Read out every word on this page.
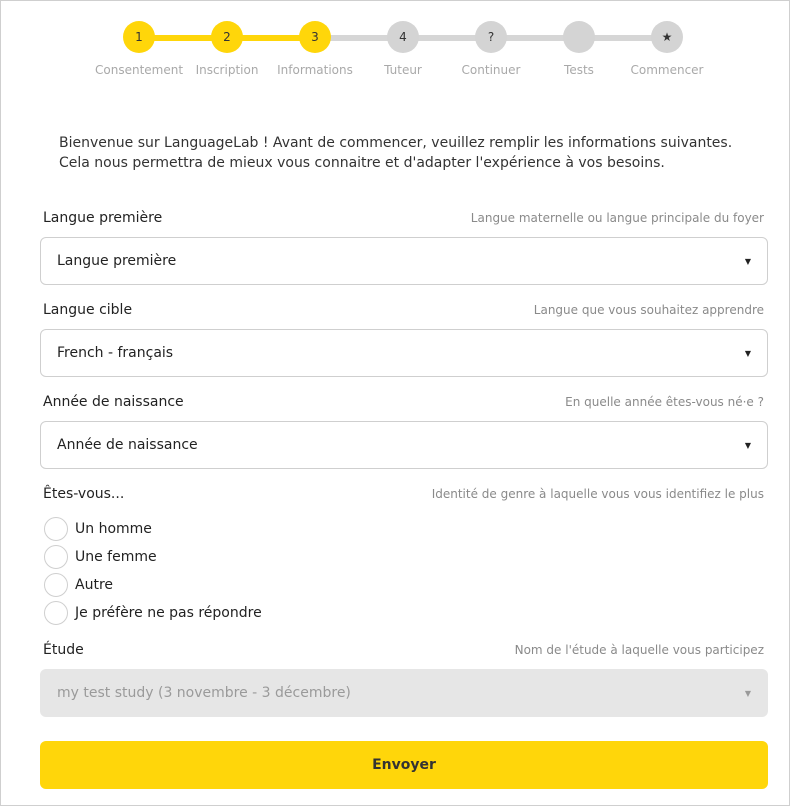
1
Consentement
2
Inscription
3
Informations
4
Tuteur
?
Continuer	Tests
★
Commencer
Bienvenue sur LanguageLab ! Avant de commencer, veuillez remplir les informations suivantes.
Cela nous permettra de mieux vous connaitre et d'adapter l'expérience à vos besoins.
Langue première	Langue maternelle ou langue principale du foyer
Langue première	▼
Langue cible	Langue que vous souhaitez apprendre
French - français	▼
Année de naissance	En quelle année êtes-vous né·e ?
Année de naissance	▼
Êtes-vous...	Identité de genre à laquelle vous vous identifiez le plus
Un homme
Une femme
Autre
Je préfère ne pas répondre
Étude	Nom de l'étude à laquelle vous participez
my test study (3 novembre - 3 décembre)	▼
Envoyer
